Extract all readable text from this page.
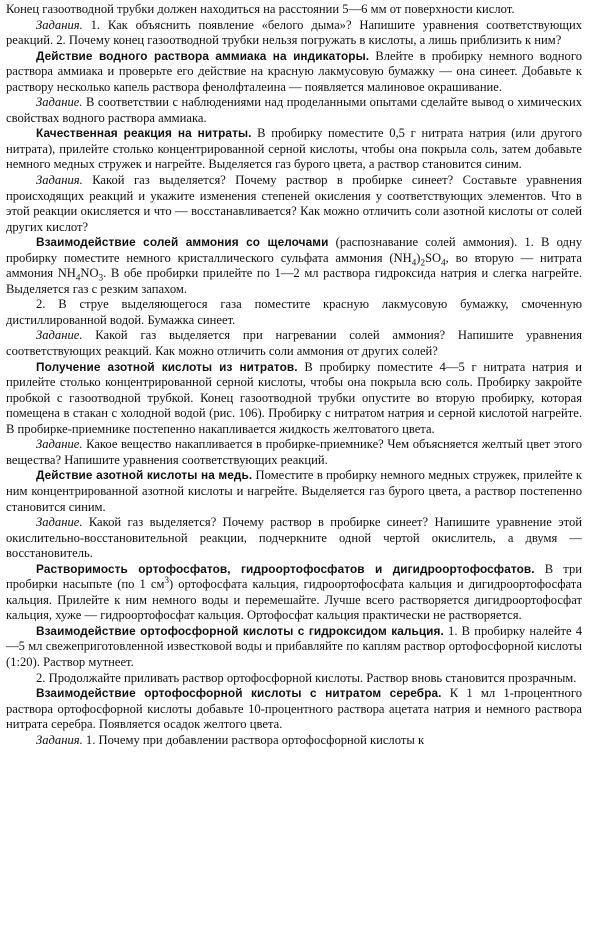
Конец газоотводной трубки должен находиться на расстоянии 5—6 мм от поверхности кислот.

Задания. 1. Как объяснить появление «белого дыма»? Напишите уравнения соответствующих реакций. 2. Почему конец газоотводной трубки нельзя погружать в кислоты, а лишь приблизить к ним?

Действие водного раствора аммиака на индикаторы. Влейте в пробирку немного водного раствора аммиака и проверьте его действие на красную лакмусовую бумажку — она синеет. Добавьте к раствору несколько капель раствора фенолфталеина — появляется малиновое окрашивание.

Задание. В соответствии с наблюдениями над проделанными опытами сделайте вывод о химических свойствах водного раствора аммиака.

Качественная реакция на нитраты. В пробирку поместите 0,5 г нитрата натрия (или другого нитрата), прилейте столько концентрированной серной кислоты, чтобы она покрыла соль, затем добавьте немного медных стружек и нагрейте. Выделяется газ бурого цвета, а раствор становится синим.

Задания. Какой газ выделяется? Почему раствор в пробирке синеет? Составьте уравнения происходящих реакций и укажите изменения степеней окисления у соответствующих элементов. Что в этой реакции окисляется и что — восстанавливается? Как можно отличить соли азотной кислоты от солей других кислот?

Взаимодействие солей аммония со щелочами (распознавание солей аммония). 1. В одну пробирку поместите немного кристаллического сульфата аммония $(NH_4)_2SO_4$, во вторую — нитрата аммония $NH_4NO_3$. В обе пробирки прилейте по 1—2 мл раствора гидроксида натрия и слегка нагрейте. Выделяется газ с резким запахом.

2. В струе выделяющегося газа поместите красную лакмусовую бумажку, смоченную дистиллированной водой. Бумажка синеет.

Задание. Какой газ выделяется при нагревании солей аммония? Напишите уравнения соответствующих реакций. Как можно отличить соли аммония от других солей?

Получение азотной кислоты из нитратов. В пробирку поместите 4—5 г нитрата натрия и прилейте столько концентрированной серной кислоты, чтобы она покрыла всю соль. Пробирку закройте пробкой с газоотводной трубкой. Конец газоотводной трубки опустите во вторую пробирку, которая помещена в стакан с холодной водой (рис. 106). Пробирку с нитратом натрия и серной кислотой нагрейте. В пробирке-приемнике постепенно накапливается жидкость желтоватого цвета.

Задание. Какое вещество накапливается в пробирке-приемнике? Чем объясняется желтый цвет этого вещества? Напишите уравнения соответствующих реакций.

Действие азотной кислоты на медь. Поместите в пробирку немного медных стружек, прилейте к ним концентрированной азотной кислоты и нагрейте. Выделяется газ бурого цвета, а раствор постепенно становится синим.

Задание. Какой газ выделяется? Почему раствор в пробирке синеет? Напишите уравнение этой окислительно-восстановительной реакции, подчеркните одной чертой окислитель, а двумя — восстановитель.

Растворимость ортофосфатов, гидроортофосфатов и дигидроортофосфатов. В три пробирки насыпьте (по 1 $см^3$) ортофосфата кальция, гидроортофосфата кальция и дигидроортофосфата кальция. Прилейте к ним немного воды и перемешайте. Лучше всего растворяется дигидроортофосфат кальция, хуже — гидроортофосфат кальция. Ортофосфат кальция практически не растворяется.

Взаимодействие ортофосфорной кислоты с гидроксидом кальция. 1. В пробирку налейте 4—5 мл свежеприготовленной известковой воды и прибавляйте по каплям раствор ортофосфорной кислоты (1:20). Раствор мутнеет.

2. Продолжайте приливать раствор ортофосфорной кислоты. Раствор вновь становится прозрачным.

Взаимодействие ортофосфорной кислоты с нитратом серебра. К 1 мл 1-процентного раствора ортофосфорной кислоты добавьте 10-процентного раствора ацетата натрия и немного раствора нитрата серебра. Появляется осадок желтого цвета.

Задания. 1. Почему при добавлении раствора ортофосфорной кислоты к
